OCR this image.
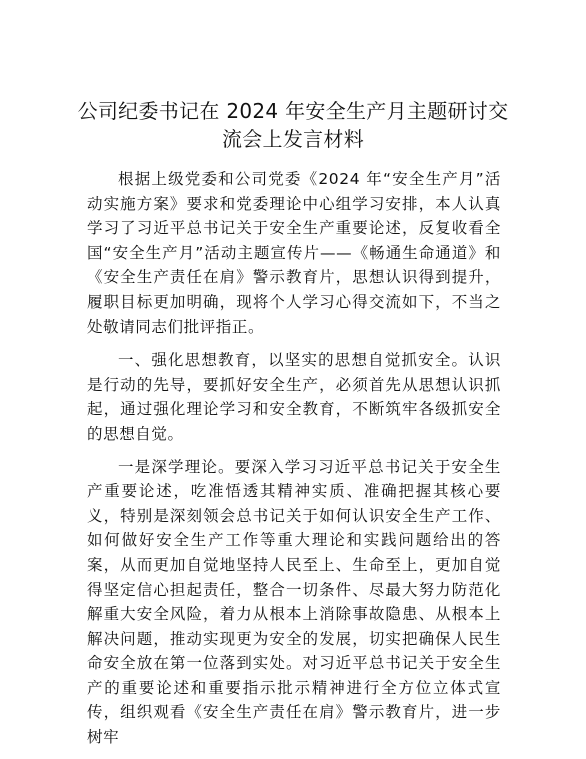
公司纪委书记在 2024 年安全生产月主题研讨交流会上发言材料

根据上级党委和公司党委《2024 年“安全生产月”活动实施方案》要求和党委理论中心组学习安排，本人认真学习了习近平总书记关于安全生产重要论述，反复收看全国“安全生产月”活动主题宣传片——《畅通生命通道》和《安全生产责任在肩》警示教育片，思想认识得到提升，履职目标更加明确，现将个人学习心得交流如下，不当之处敬请同志们批评指正。

一、强化思想教育，以坚实的思想自觉抓安全。认识是行动的先导，要抓好安全生产，必须首先从思想认识抓起，通过强化理论学习和安全教育，不断筑牢各级抓安全的思想自觉。

一是深学理论。要深入学习习近平总书记关于安全生产重要论述，吃准悟透其精神实质、准确把握其核心要义，特别是深刻领会总书记关于如何认识安全生产工作、如何做好安全生产工作等重大理论和实践问题给出的答案，从而更加自觉地坚持人民至上、生命至上，更加自觉得坚定信心担起责任，整合一切条件、尽最大努力防范化解重大安全风险，着力从根本上消除事故隐患、从根本上解决问题，推动实现更为安全的发展，切实把确保人民生命安全放在第一位落到实处。对习近平总书记关于安全生产的重要论述和重要指示批示精神进行全方位立体式宣传，组织观看《安全生产责任在肩》警示教育片，进一步树牢
